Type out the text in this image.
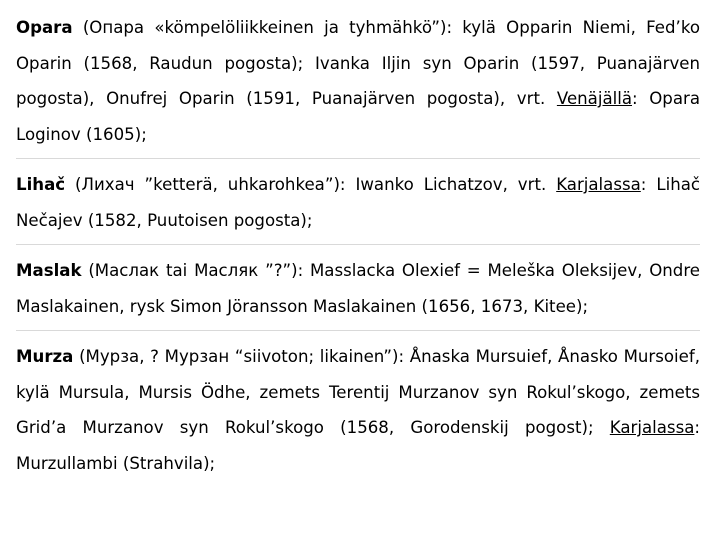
Opara (Опара «kömpelöliikkeinen ja tyhmähkö”): kylä Opparin Niemi, Fed’ko Oparin (1568, Raudun pogosta); Ivanka Iljin syn Oparin (1597, Puanajärven pogosta), Onufrej Oparin (1591, Puanajärven pogosta), vrt. Venäjällä: Opara Loginov (1605);

Lihač (Лихач ”ketterä, uhkarohkea”): Iwanko Lichatzov, vrt. Karjalassa: Lihač Nečajev (1582, Puutoisen pogosta);

Maslak (Маслак tai Масляк ”?”): Masslacka Olexief = Meleška Oleksijev, Ondre Maslakainen, rysk Simon Jöransson Maslakainen (1656, 1673, Kitee);

Murza (Мурза, ? Мурзан “siivoton; likainen”): Ånaska Mursuief, Ånasko Mursoief, kylä Mursula, Mursis Ödhe, zemets Terentij Murzanov syn Rokul’skogo, zemets Grid’a Murzanov syn Rokul’skogo (1568, Gorodenskij pogost); Karjalassa: Murzullambi (Strahvila);
